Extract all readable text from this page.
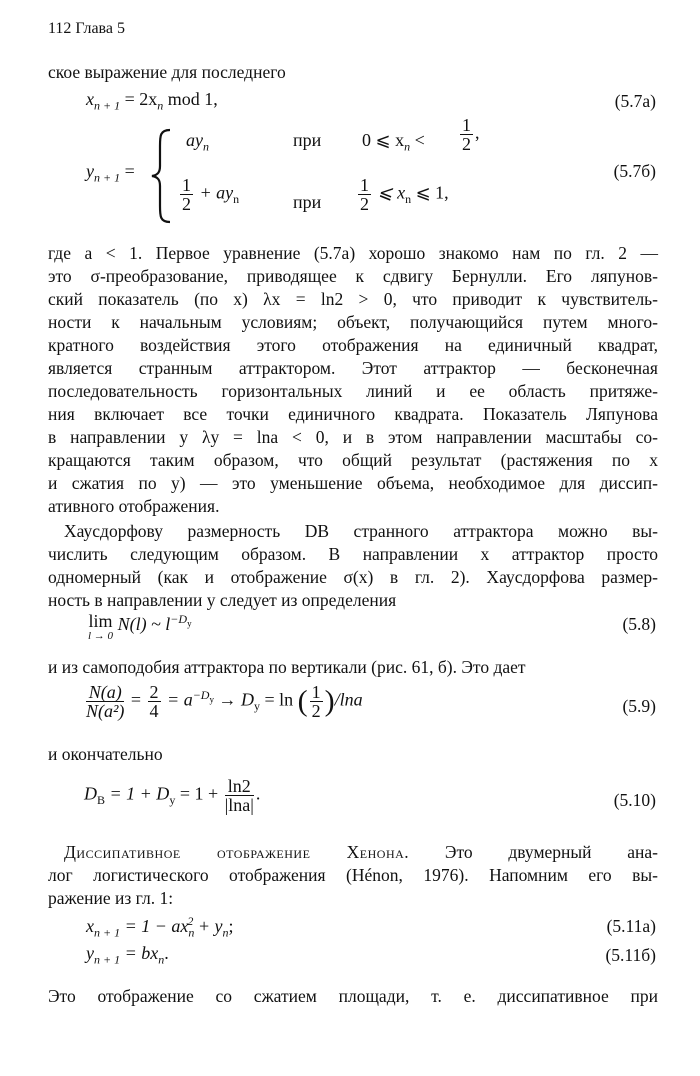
112 Глава 5
ское выражение для последнего
$x_{n + 1} = 2x_n$ mod 1,	(5.7а)
$y_{n + 1}$ =
$ay_n$	при 0 ⩽ $x_n < \frac{1}{2}$ ,
$\frac{1}{2} + ay_n$	при $\frac{1}{2}$ ⩽ $x_n$ ⩽ 1,
(5.7б)
где a < 1. Первое уравнение (5.7а) хорошо знакомо нам по гл. 2 —
это σ-преобразование, приводящее к сдвигу Бернулли. Его ляпунов-
ский показатель (по x) λx = ln2 > 0, что приводит к чувствитель-
ности к начальным условиям; объект, получающийся путем много-
кратного воздействия этого отображения на единичный квадрат,
является странным аттрактором. Этот аттрактор — бесконечная
последовательность горизонтальных линий и ее область притяже-
ния включает все точки единичного квадрата. Показатель Ляпунова
в направлении y λy = lna < 0, и в этом направлении масштабы со-
кращаются таким образом, что общий результат (растяжения по x
и сжатия по y) — это уменьшение объема, необходимое для диссип-
ативного отображения.
Хаусдорфову размерность DB странного аттрактора можно вы-
числить следующим образом. В направлении x аттрактор просто
одномерный (как и отображение σ(x) в гл. 2). Хаусдорфова размер-
ность в направлении y следует из определения
lim
l → 0
N(l) ~ $l^{-D_y}$	(5.8)
и из самоподобия аттрактора по вертикали (рис. 61, б). Это дает
$\frac{N(a)}{\text{N(a²)}} = \frac{2}{4} = a^{-D_y} \to D_y = \ln$ ( $\frac{1}{2} )/\ln a$	(5.9)
и окончательно
$D_B = 1 + D_y = 1 + \frac{\ln 2}{|\ln a|}$ .	(5.10)
Диссипативное отображение Хенона. Это двумерный ана-
лог логистического отображения (Hénon, 1976). Напомним его вы-
ражение из гл. 1:
$x_{n + 1} = 1 - ax_n^2 + y_n$;	(5.11а)
$y_{n + 1} = bx_n$.	(5.11б)
Это отображение со сжатием площади, т. е. диссипативное при
